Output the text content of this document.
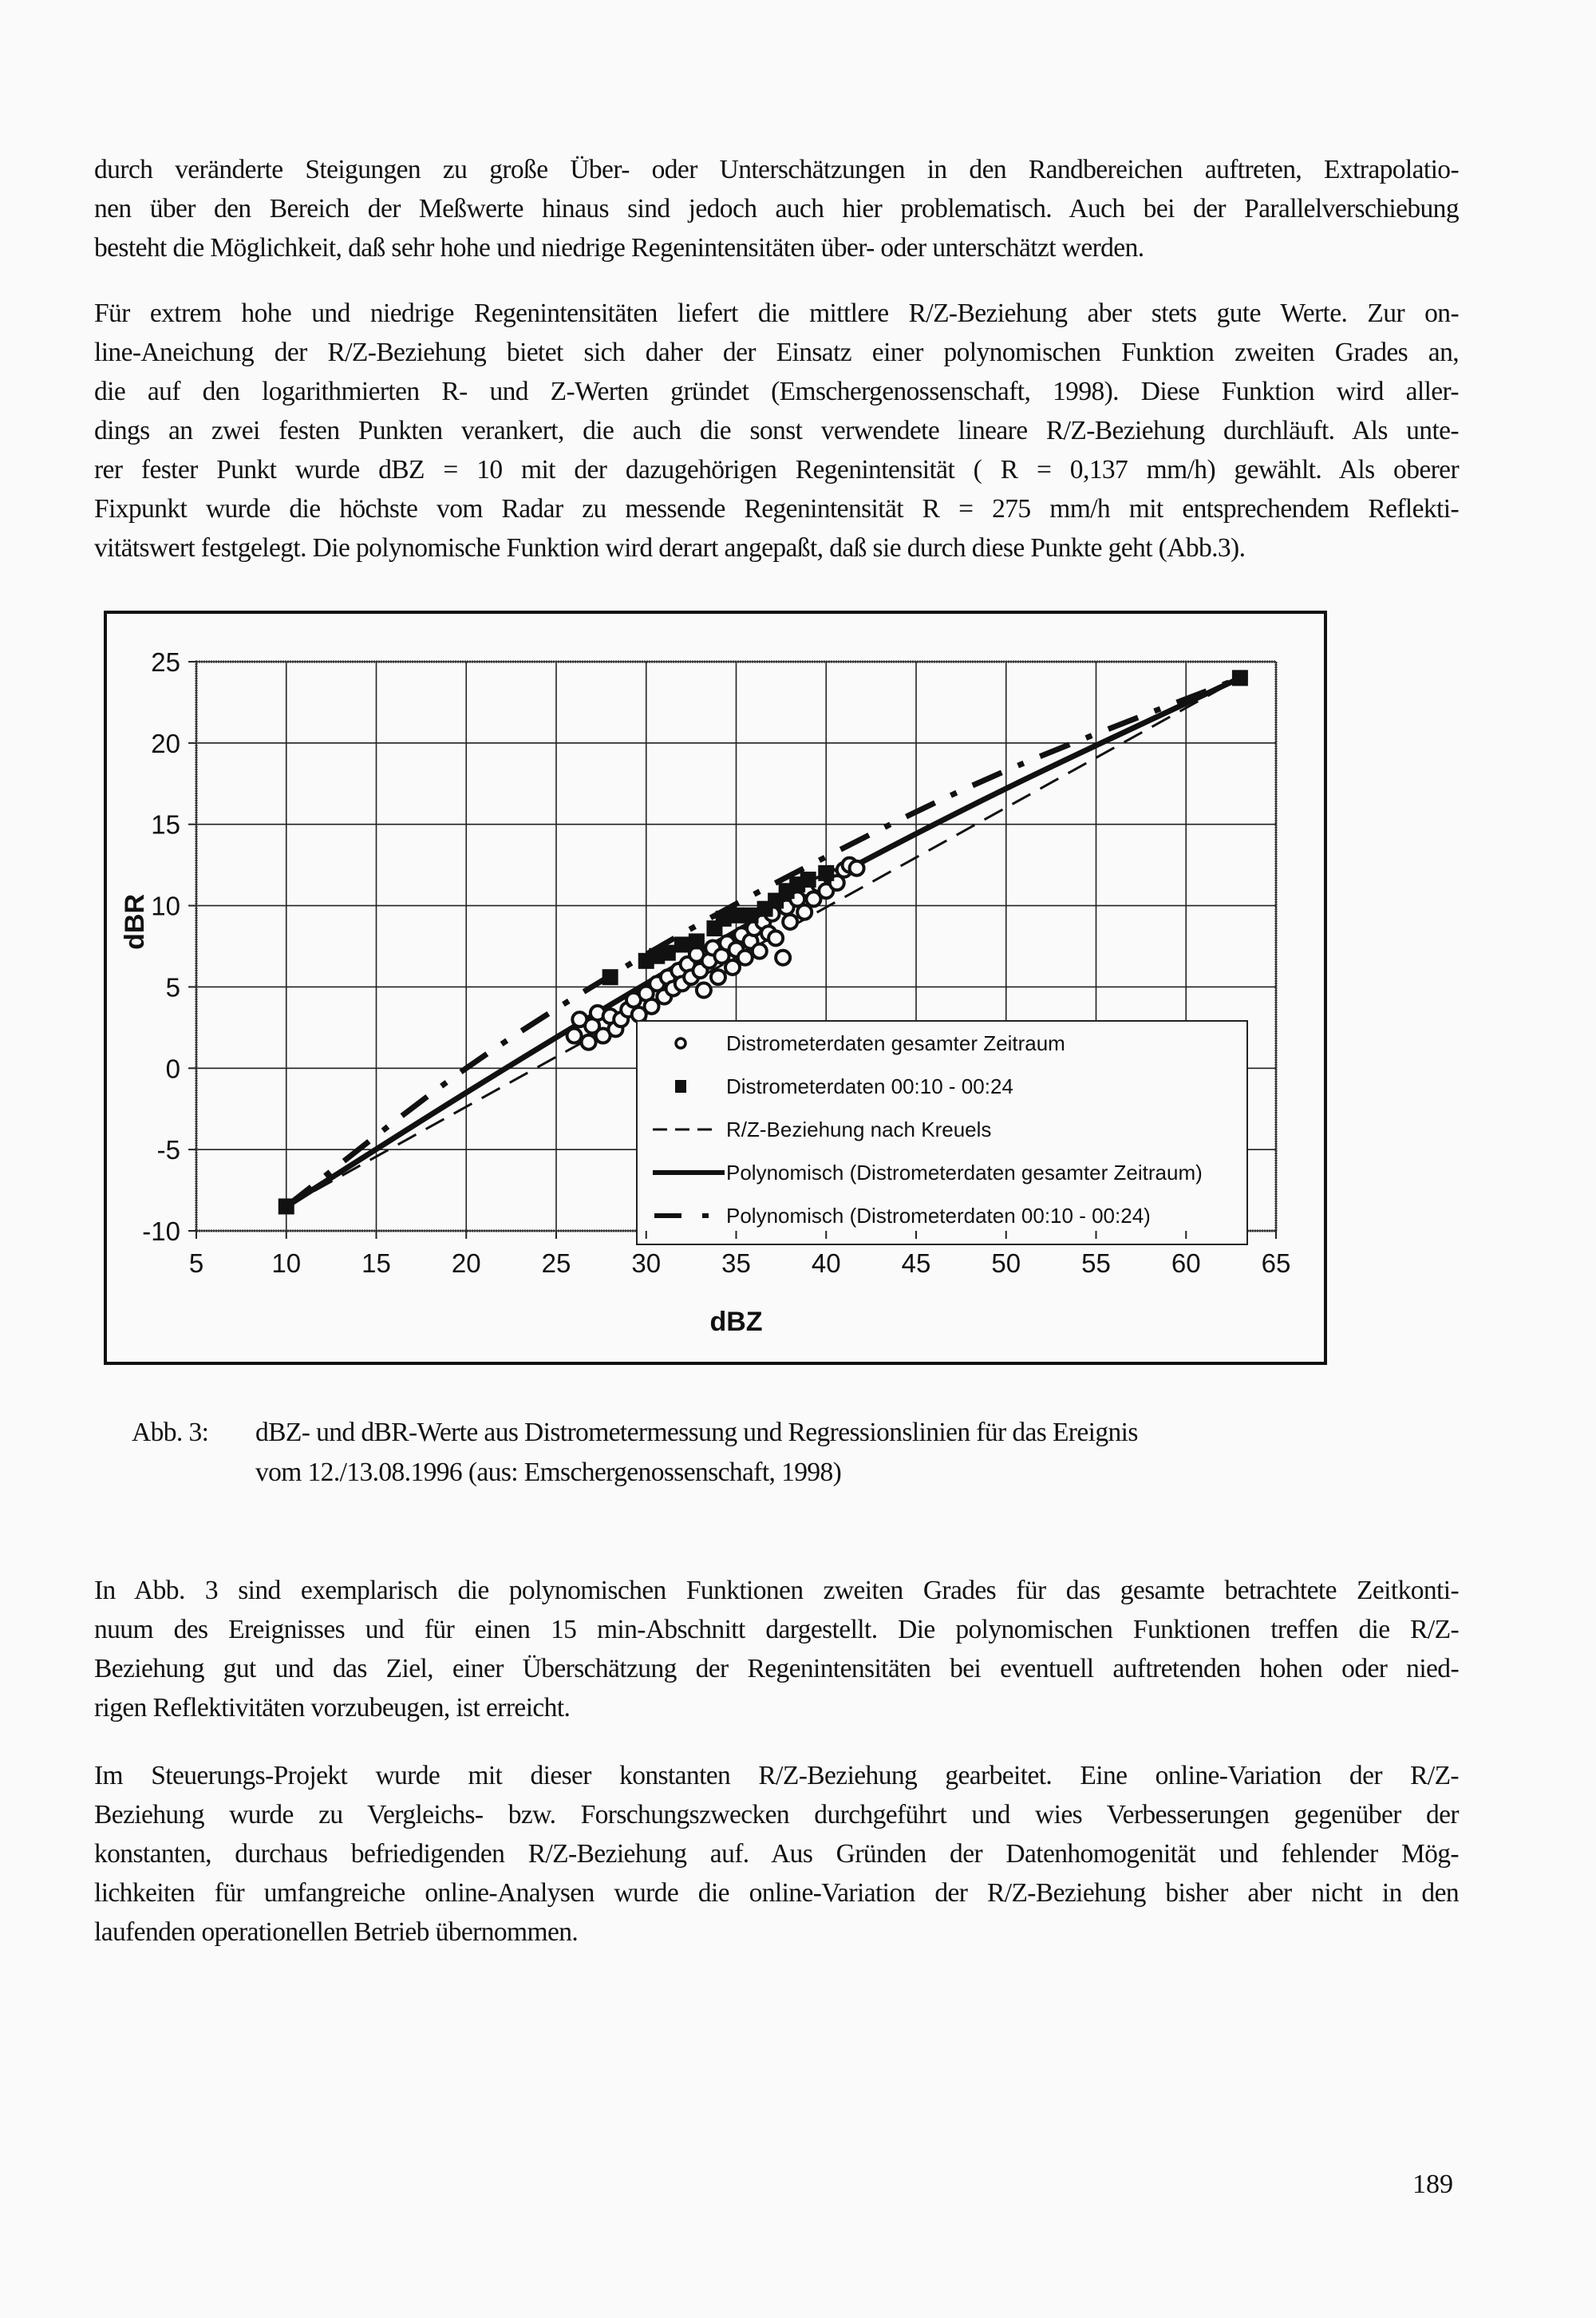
durch veränderte Steigungen zu große Über- oder Unterschätzungen in den Randbereichen auftreten, Extrapolatio-
nen über den Bereich der Meßwerte hinaus sind jedoch auch hier problematisch. Auch bei der Parallelverschiebung
besteht die Möglichkeit, daß sehr hohe und niedrige Regenintensitäten über- oder unterschätzt werden.
Für extrem hohe und niedrige Regenintensitäten liefert die mittlere R/Z-Beziehung aber stets gute Werte. Zur on-
line-Aneichung der R/Z-Beziehung bietet sich daher der Einsatz einer polynomischen Funktion zweiten Grades an,
die auf den logarithmierten R- und Z-Werten gründet (Emschergenossenschaft, 1998). Diese Funktion wird aller-
dings an zwei festen Punkten verankert, die auch die sonst verwendete lineare R/Z-Beziehung durchläuft. Als unte-
rer fester Punkt wurde dBZ = 10 mit der dazugehörigen Regenintensität ( R = 0,137 mm/h) gewählt. Als oberer
Fixpunkt wurde die höchste vom Radar zu messende Regenintensität R = 275 mm/h mit entsprechendem Reflekti-
vitätswert festgelegt. Die polynomische Funktion wird derart angepaßt, daß sie durch diese Punkte geht (Abb.3).
Distrometerdaten gesamter Zeitraum
Distrometerdaten 00:10 - 00:24
R/Z-Beziehung nach Kreuels
Polynomisch (Distrometerdaten gesamter Zeitraum)
Polynomisch (Distrometerdaten 00:10 - 00:24)
5	10 15 20 25 30 35 40 45 50 55 60 65
25
20
15
10
5
0
-5
-10
dBZ
dBR
Abb. 3: dBZ- und dBR-Werte aus Distrometermessung und Regressionslinien für das Ereignis
vom 12./13.08.1996 (aus: Emschergenossenschaft, 1998)
In Abb. 3 sind exemplarisch die polynomischen Funktionen zweiten Grades für das gesamte betrachtete Zeitkonti-
nuum des Ereignisses und für einen 15 min-Abschnitt dargestellt. Die polynomischen Funktionen treffen die R/Z-
Beziehung gut und das Ziel, einer Überschätzung der Regenintensitäten bei eventuell auftretenden hohen oder nied-
rigen Reflektivitäten vorzubeugen, ist erreicht.
Im Steuerungs-Projekt wurde mit dieser konstanten R/Z-Beziehung gearbeitet. Eine online-Variation der R/Z-
Beziehung wurde zu Vergleichs- bzw. Forschungszwecken durchgeführt und wies Verbesserungen gegenüber der
konstanten, durchaus befriedigenden R/Z-Beziehung auf. Aus Gründen der Datenhomogenität und fehlender Mög-
lichkeiten für umfangreiche online-Analysen wurde die online-Variation der R/Z-Beziehung bisher aber nicht in den
laufenden operationellen Betrieb übernommen.
189
